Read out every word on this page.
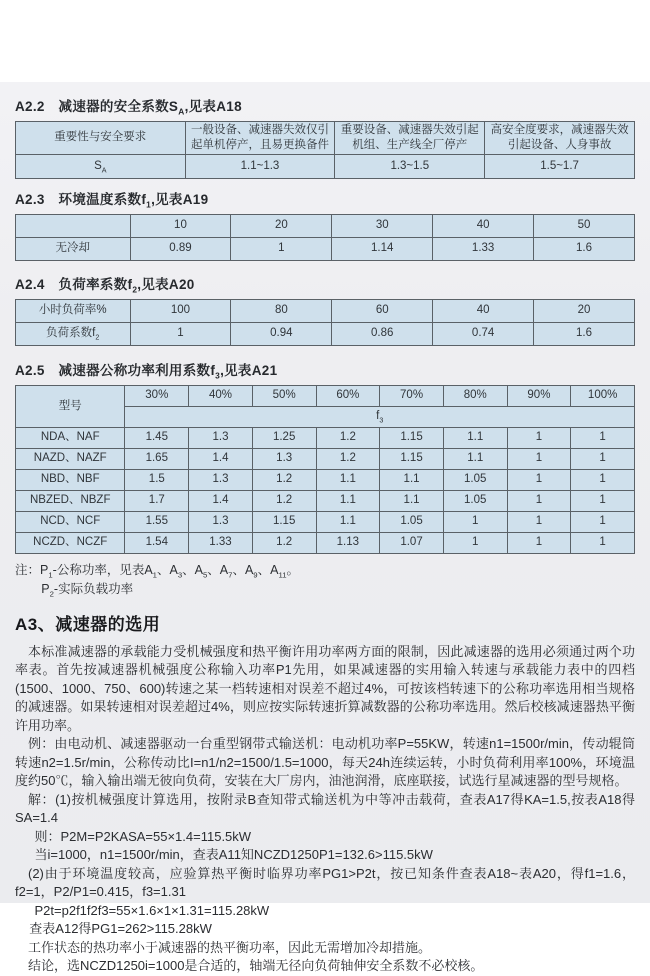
A2.2　减速器的安全系数$S_A$,见表A18
重要性与安全要求	一般设备、减速器失效仅引起单机停产，且易更换备件	重要设备、减速器失效引起机组、生产线全厂停产	高安全度要求，减速器失效引起设备、人身事故
$S_A$	1.1~1.3	1.3~1.5	1.5~1.7
A2.3　环境温度系数$f_1$,见表A19
	10	20	30	40	50
无冷却	0.89	1	1.14	1.33	1.6
A2.4　负荷率系数$f_2$,见表A20
小时负荷率%	100	80	60	40	20
负荷系数$f_2$	1	0.94	0.86	0.74	1.6
A2.5　减速器公称功率利用系数$f_3$,见表A21
型号	30%	40%	50%	60%	70%	80%	90%	100%
	$f_3$
NDA、NAF	1.45	1.3	1.25	1.2	1.15	1.1	1	1
NAZD、NAZF	1.65	1.4	1.3	1.2	1.15	1.1	1	1
NBD、NBF	1.5	1.3	1.2	1.1	1.1	1.05	1	1
NBZED、NBZF	1.7	1.4	1.2	1.1	1.1	1.05	1	1
NCD、NCF	1.55	1.3	1.15	1.1	1.05	1	1	1
NCZD、NCZF	1.54	1.33	1.2	1.13	1.07	1	1	1
注：$P_1-$公称功率，见表$A_1$、$A_3$、$A_5$、$A_7$、$A_9$、$A_{11}$。
$P_2-$实际负载功率
A3、减速器的选用

本标准减速器的承载能力受机械强度和热平衡许用功率两方面的限制，因此减速器的选用必须通过两个功率表。首先按减速器机械强度公称输入功率P1先用，如果减速器的实用输入转速与承载能力表中的四档(1500、1000、750、600)转速之某一档转速相对误差不超过4%，可按该档转速下的公称功率选用相当规格的减速器。如果转速相对误差超过4%，则应按实际转速折算减数器的公称功率选用。然后校核减速器热平衡许用功率。

例：由电动机、减速器驱动一台重型钢带式输送机：电动机功率P=55KW，转速n1=1500r/min，传动辊筒转速n2=1.5r/min，公称传动比I=n1/n2=1500/1.5=1000，每天24h连续运转，小时负荷利用率100%，环境温度约50℃，输入输出端无彼向负荷，安装在大厂房内，油池润滑，底座联接，试选行星减速器的型号规格。

解：(1)按机械强度计算选用，按附录B查知带式输送机为中等冲击载荷，查表A17得KA=1.5,按表A18得SA=1.4

则：P2M=P2KASA=55×1.4=115.5kW

当i=1000，n1=1500r/min，查表A11知NCZD1250P1=132.6>115.5kW

(2)由于环境温度较高，应验算热平衡时临界功率PG1>P2t，按已知条件查表A18~表A20，得f1=1.6，f2=1，P2/P1=0.415，f3=1.31

P2t=p2f1f2f3=55×1.6×1×1.31=115.28kW

查表A12得PG1=262>115.28kW

工作状态的热功率小于减速器的热平衡功率，因此无需增加冷却措施。

结论，选NCZD1250i=1000是合适的，轴端无径向负荷轴伸安全系数不必校核。
